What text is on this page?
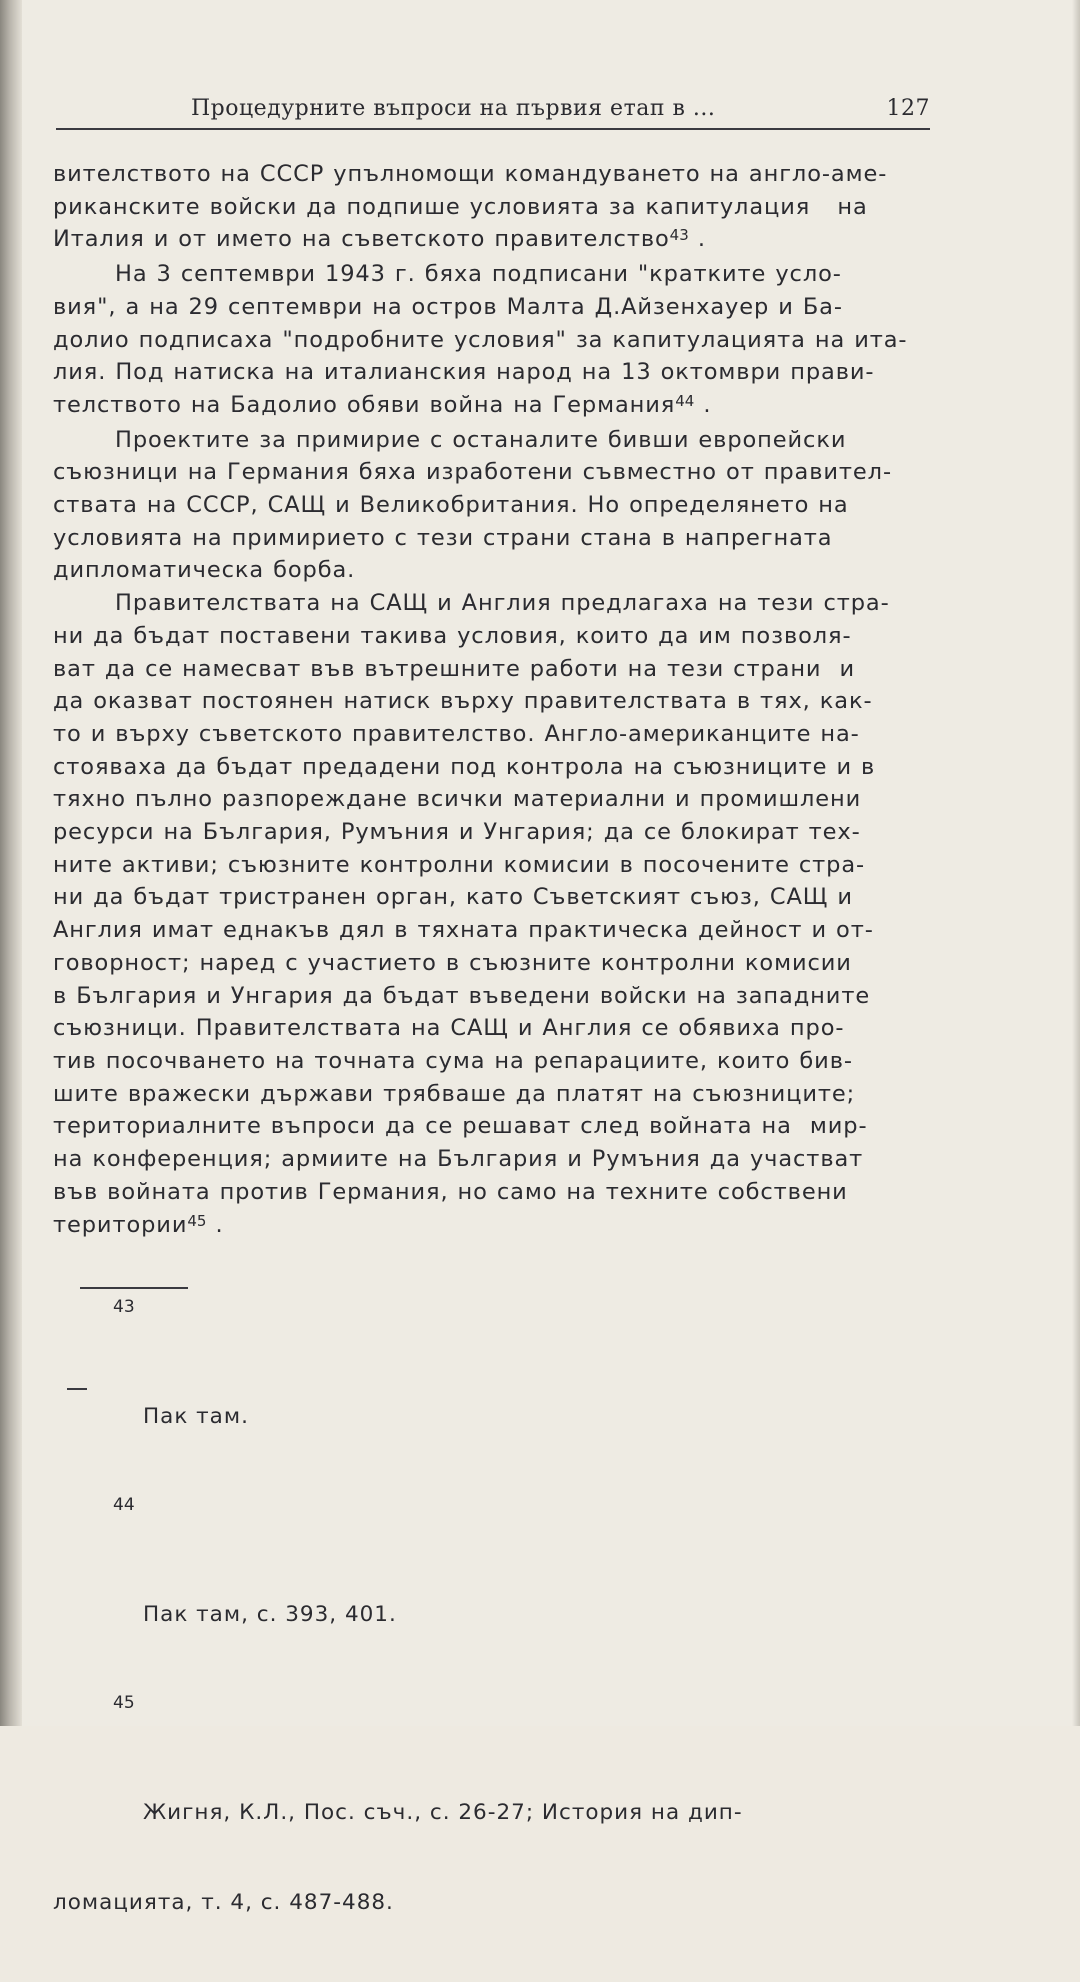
Процедурните въпроси на първия етап в ...	127
вителството на СССР упълномощи командуването на англо-аме-
риканските войски да подпише условията за капитулация   на
Италия и от името на съветското правителство$^{43}$ .
На 3 септември 1943 г. бяха подписани "кратките усло-
вия", а на 29 септември на остров Малта Д.Айзенхауер и Ба-
долио подписаха "подробните условия" за капитулацията на ита-
лия. Под натиска на италианския народ на 13 октомври прави-
телството на Бадолио обяви война на Германия$^{44}$ .
Проектите за примирие с останалите бивши европейски
съюзници на Германия бяха изработени съвместно от правител-
ствата на СССР, САЩ и Великобритания. Но определянето на
условията на примирието с тези страни стана в напрегната
дипломатическа борба.
Правителствата на САЩ и Англия предлагаха на тези стра-
ни да бъдат поставени такива условия, които да им позволя-
ват да се намесват във вътрешните работи на тези страни  и
да оказват постоянен натиск върху правителствата в тях, как-
то и върху съветското правителство. Англо-американците на-
стояваха да бъдат предадени под контрола на съюзниците и в
тяхно пълно разпореждане всички материални и промишлени
ресурси на България, Румъния и Унгария; да се блокират тех-
ните активи; съюзните контролни комисии в посочените стра-
ни да бъдат тристранен орган, като Съветският съюз, САЩ и
Англия имат еднакъв дял в тяхната практическа дейност и от-
говорност; наред с участието в съюзните контролни комисии
в България и Унгария да бъдат въведени войски на западните
съюзници. Правителствата на САЩ и Англия се обявиха про-
тив посочването на точната сума на репарациите, които бив-
шите вражески държави трябваше да платят на съюзниците;
териториалните въпроси да се решават след войната на  мир-
на конференция; армиите на България и Румъния да участват
във войната против Германия, но само на техните собствени
територии$^{45}$ .

43

Пак там.

44

Пак там, с. 393, 401.

45

Жигня, К.Л., Пос. съч., с. 26-27; История на дип-

ломацията, т. 4, с. 487-488.
